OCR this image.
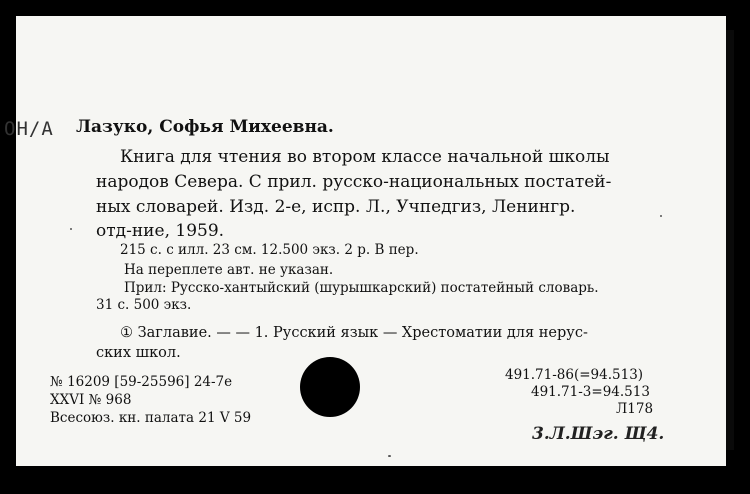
ОН/А Лазуко, Софья Михеевна.
Книга для чтения во втором классе начальной школы
народов Севера. С прил. русско-национальных постатей-
ных словарей. Изд. 2-е, испр. Л., Учпедгиз, Ленингр.
отд-ние, 1959.
215 с. с илл. 23 см. 12.500 экз. 2 р. В пер.
На переплете авт. не указан.
Прил: Русско-хантыйский (шурышкарский) постатейный словарь.
31 с. 500 экз.
① Заглавие. — — 1. Русский язык — Хрестоматии для нерус-
ских школ.
№ 16209 [59-25596] 24-7е
XXVI № 968
Всесоюз. кн. палата 21 V 59
491.71-86(=94.513)
491.71-3=94.513
Л178
3.Л.Шэг. Щ4.
